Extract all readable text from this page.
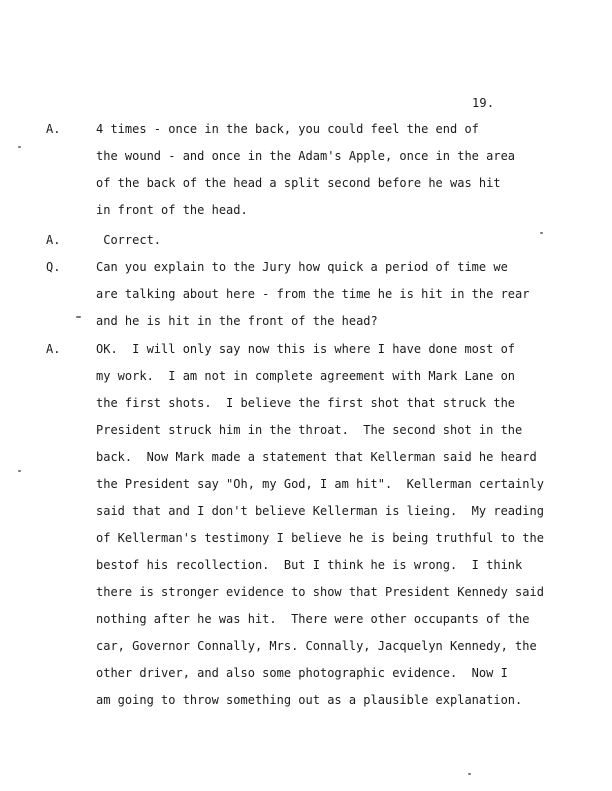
19.
A.	4 times - once in the back, you could feel the end of
the wound - and once in the Adam's Apple, once in the area
of the back of the head a split second before he was hit
in front of the head.
A.	Correct.
Q.	Can you explain to the Jury how quick a period of time we
are talking about here - from the time he is hit in the rear
and he is hit in the front of the head?
A.	OK.  I will only say now this is where I have done most of
my work.  I am not in complete agreement with Mark Lane on
the first shots.  I believe the first shot that struck the
President struck him in the throat.  The second shot in the
back.  Now Mark made a statement that Kellerman said he heard
the President say "Oh, my God, I am hit".  Kellerman certainly
said that and I don't believe Kellerman is lieing.  My reading
of Kellerman's testimony I believe he is being truthful to the
bestof his recollection.  But I think he is wrong.  I think
there is stronger evidence to show that President Kennedy said
nothing after he was hit.  There were other occupants of the
car, Governor Connally, Mrs. Connally, Jacquelyn Kennedy, the
other driver, and also some photographic evidence.  Now I
am going to throw something out as a plausible explanation.
